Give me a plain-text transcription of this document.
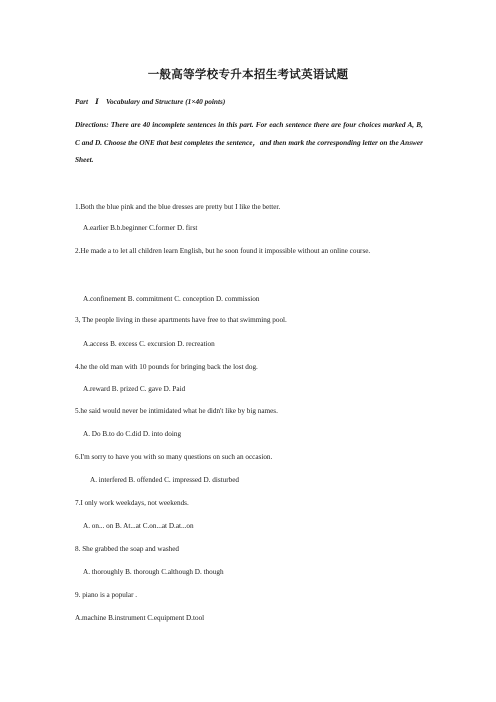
一般高等学校专升本招生考试英语试题
Part　Ⅰ　Vocabulary and Structure (1×40 points)
Directions: There are 40 incomplete sentences in this part. For each sentence there are four choices marked A, B, C and D. Choose the ONE that best completes the sentence，and then mark the corresponding letter on the Answer Sheet.
1.Both the blue pink and the blue dresses are pretty but I like the better.
A.earlier B.b.beginner C.former D. first
2.He made a to let all children learn English, but he soon found it impossible without an online course.
A.confinement B. commitment C. conception D. commission
3, The people living in these apartments have free to that swimming pool.
A.access B. excess C. excursion D. recreation
4.he the old man with 10 pounds for bringing back the lost dog.
A.reward B. prized C. gave D. Paid
5.he said would never be intimidated what he didn't like by big names.
A. Do B.to do C.did D. into doing
6.I'm sorry to have you with so many questions on such an occasion.
A. interfered B. offended C. impressed D. disturbed
7.I only work weekdays, not weekends.
A. on... on B. At...at C.on...at D.at...on
8. She grabbed the soap and washed
A. thoroughly B. thorough C.although D. though
9. piano is a popular .
A.machine B.instrument C.equipment D.tool
